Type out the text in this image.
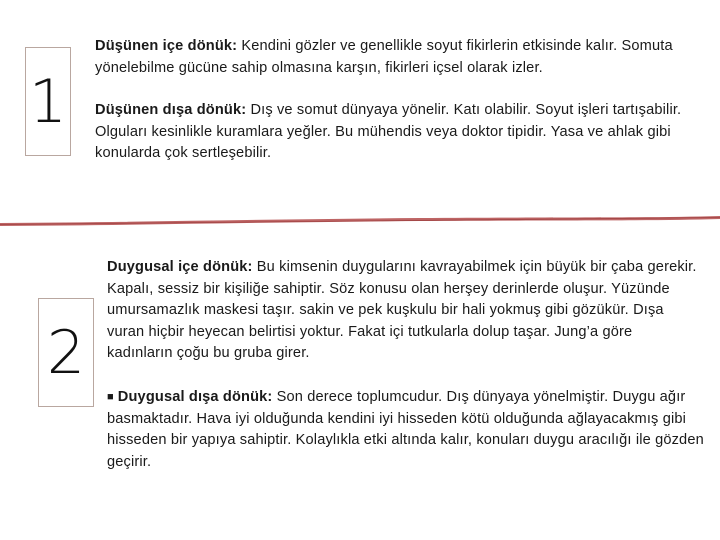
1

Düşünen içe dönük: Kendini gözler ve genellikle soyut fikirlerin etkisinde kalır. Somuta yönelebilme gücüne sahip olmasına karşın, fikirleri içsel olarak izler.

Düşünen dışa dönük: Dış ve somut dünyaya yönelir. Katı olabilir. Soyut işleri tartışabilir. Olguları kesinlikle kuramlara yeğler. Bu mühendis veya doktor tipidir. Yasa ve ahlak gibi konularda çok sertleşebilir.

2

Duygusal içe dönük: Bu kimsenin duygularını kavrayabilmek için büyük bir çaba gerekir. Kapalı, sessiz bir kişiliğe sahiptir. Söz konusu olan herşey derinlerde oluşur. Yüzünde umursamazlık maskesi taşır. sakin ve pek kuşkulu bir hali yokmuş gibi gözükür. Dışa vuran hiçbir heyecan belirtisi yoktur. Fakat içi tutkularla dolup taşar. Jung’a göre kadınların çoğu bu gruba girer.

■ Duygusal dışa dönük: Son derece toplumcudur. Dış dünyaya yönelmiştir. Duygu ağır basmaktadır. Hava iyi olduğunda kendini iyi hisseden kötü olduğunda ağlayacakmış gibi hisseden bir yapıya sahiptir. Kolaylıkla etki altında kalır, konuları duygu aracılığı ile gözden geçirir.
